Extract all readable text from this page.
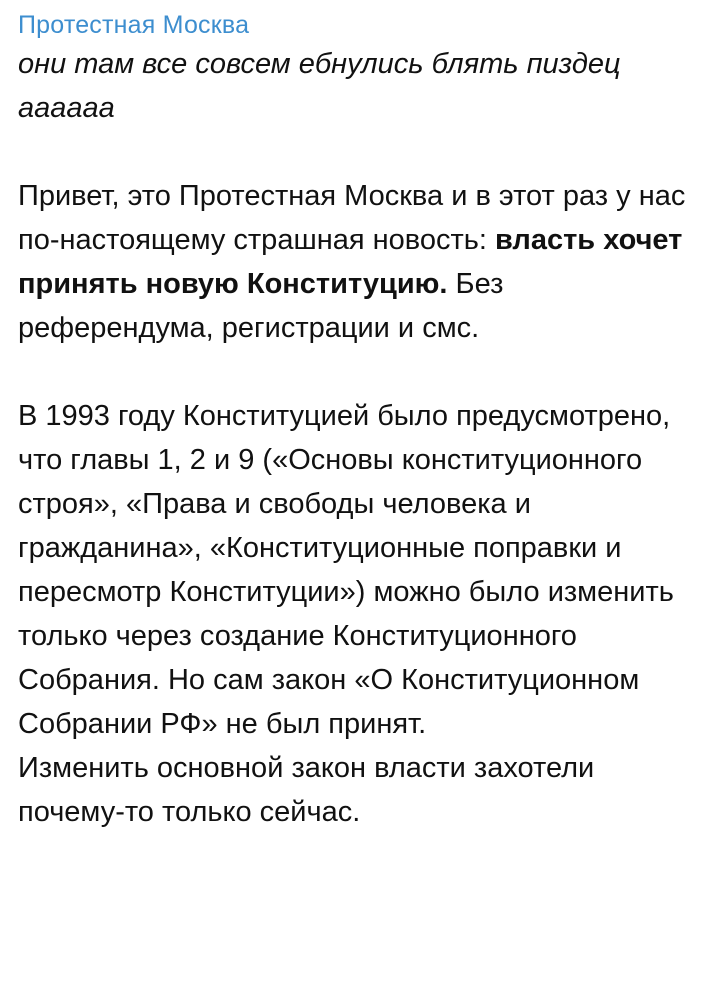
Протестная Москва

они там все совсем ебнулись блять пиздец аааааа

Привет, это Протестная Москва и в этот раз у нас по-настоящему страшная новость: власть хочет принять новую Конституцию. Без референдума, регистрации и смс.

В 1993 году Конституцией было предусмотрено, что главы 1, 2 и 9 («Основы конституционного строя», «Права и свободы человека и гражданина», «Конституционные поправки и пересмотр Конституции») можно было изменить только через создание Конституционного Собрания. Но сам закон «О Конституционном Собрании РФ» не был принят.

Изменить основной закон власти захотели почему-то только сейчас.
